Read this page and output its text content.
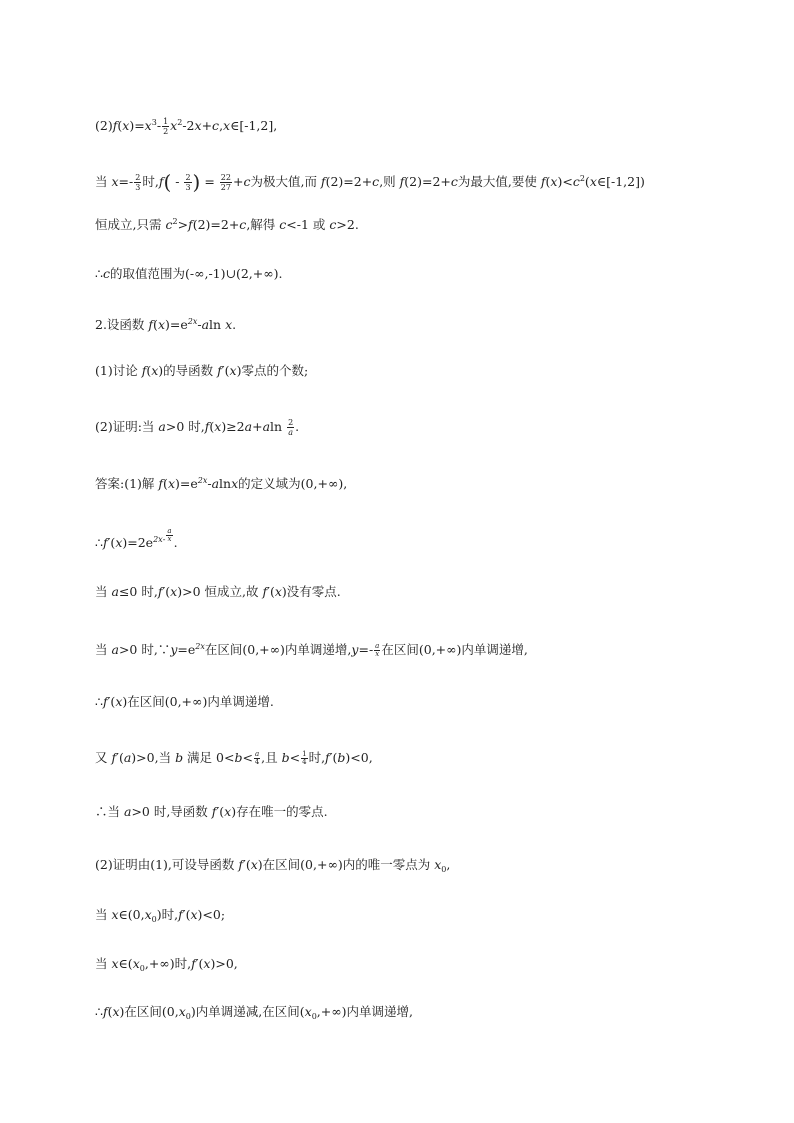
$(2)f(x)=x^3- \frac{1}{2}$ $x^2-2x+c,x\in[-1,2]$,
当 $x=- \frac{2}{3}$ 时$,f( - \frac{2}{3}$ ) = $\frac{22}{27} +c$为极大值,而 f(2)=2+c,则 f(2)=2+c为最大值,要使 $f(x)<c^2(x\in[-1,2])$
恒成立,只需 $c^2>f(2)=2+c$,解得 c<-1 或 c>2.
∴c的取值范围为(-∞,-1)∪(2,+∞).
2.设函数 $f(x)=e^{2x}$-aln x.
(1)讨论 f(x)的导函数 f′(x)零点的个数;
(2)证明:当 a>0 时$,f(x)\ge 2a+aln \frac{2}{a}$ .
答案:(1)解 $f(x)=e^{2x}$-alnx的定义域为(0,+∞),
$\therefore f'(x)=2e^{2x-} \frac{a}{x}$ .
当 a≤0 时,f′(x)>0 恒成立,故 f′(x)没有零点.
当 a>0 时$,\because y=e^{2x}$在区间(0,+∞)内单调递增$,y=- \frac{a}{x}$ 在区间(0,+∞)内单调递增,
∴f′(x)在区间(0,+∞)内单调递增.
又 f′(a)>0,当 b 满足 $0<b< \frac{a}{4}$ ,且 $b< \frac{1}{4}$ 时,f′(b)<0,
∴当 a>0 时,导函数 f′(x)存在唯一的零点.
(2)证明由(1),可设导函数 f′(x)在区间(0,+∞)内的唯一零点为 $x_0$,
当 $x\in(0,x_0)$时,f′(x)<0;
当 $x\in(x_0,+\infty)$时,f′(x)>0,
∴f(x)在区间$(0,x_0)$内单调递减,在区间$(x_0,+\infty)$内单调递增,
